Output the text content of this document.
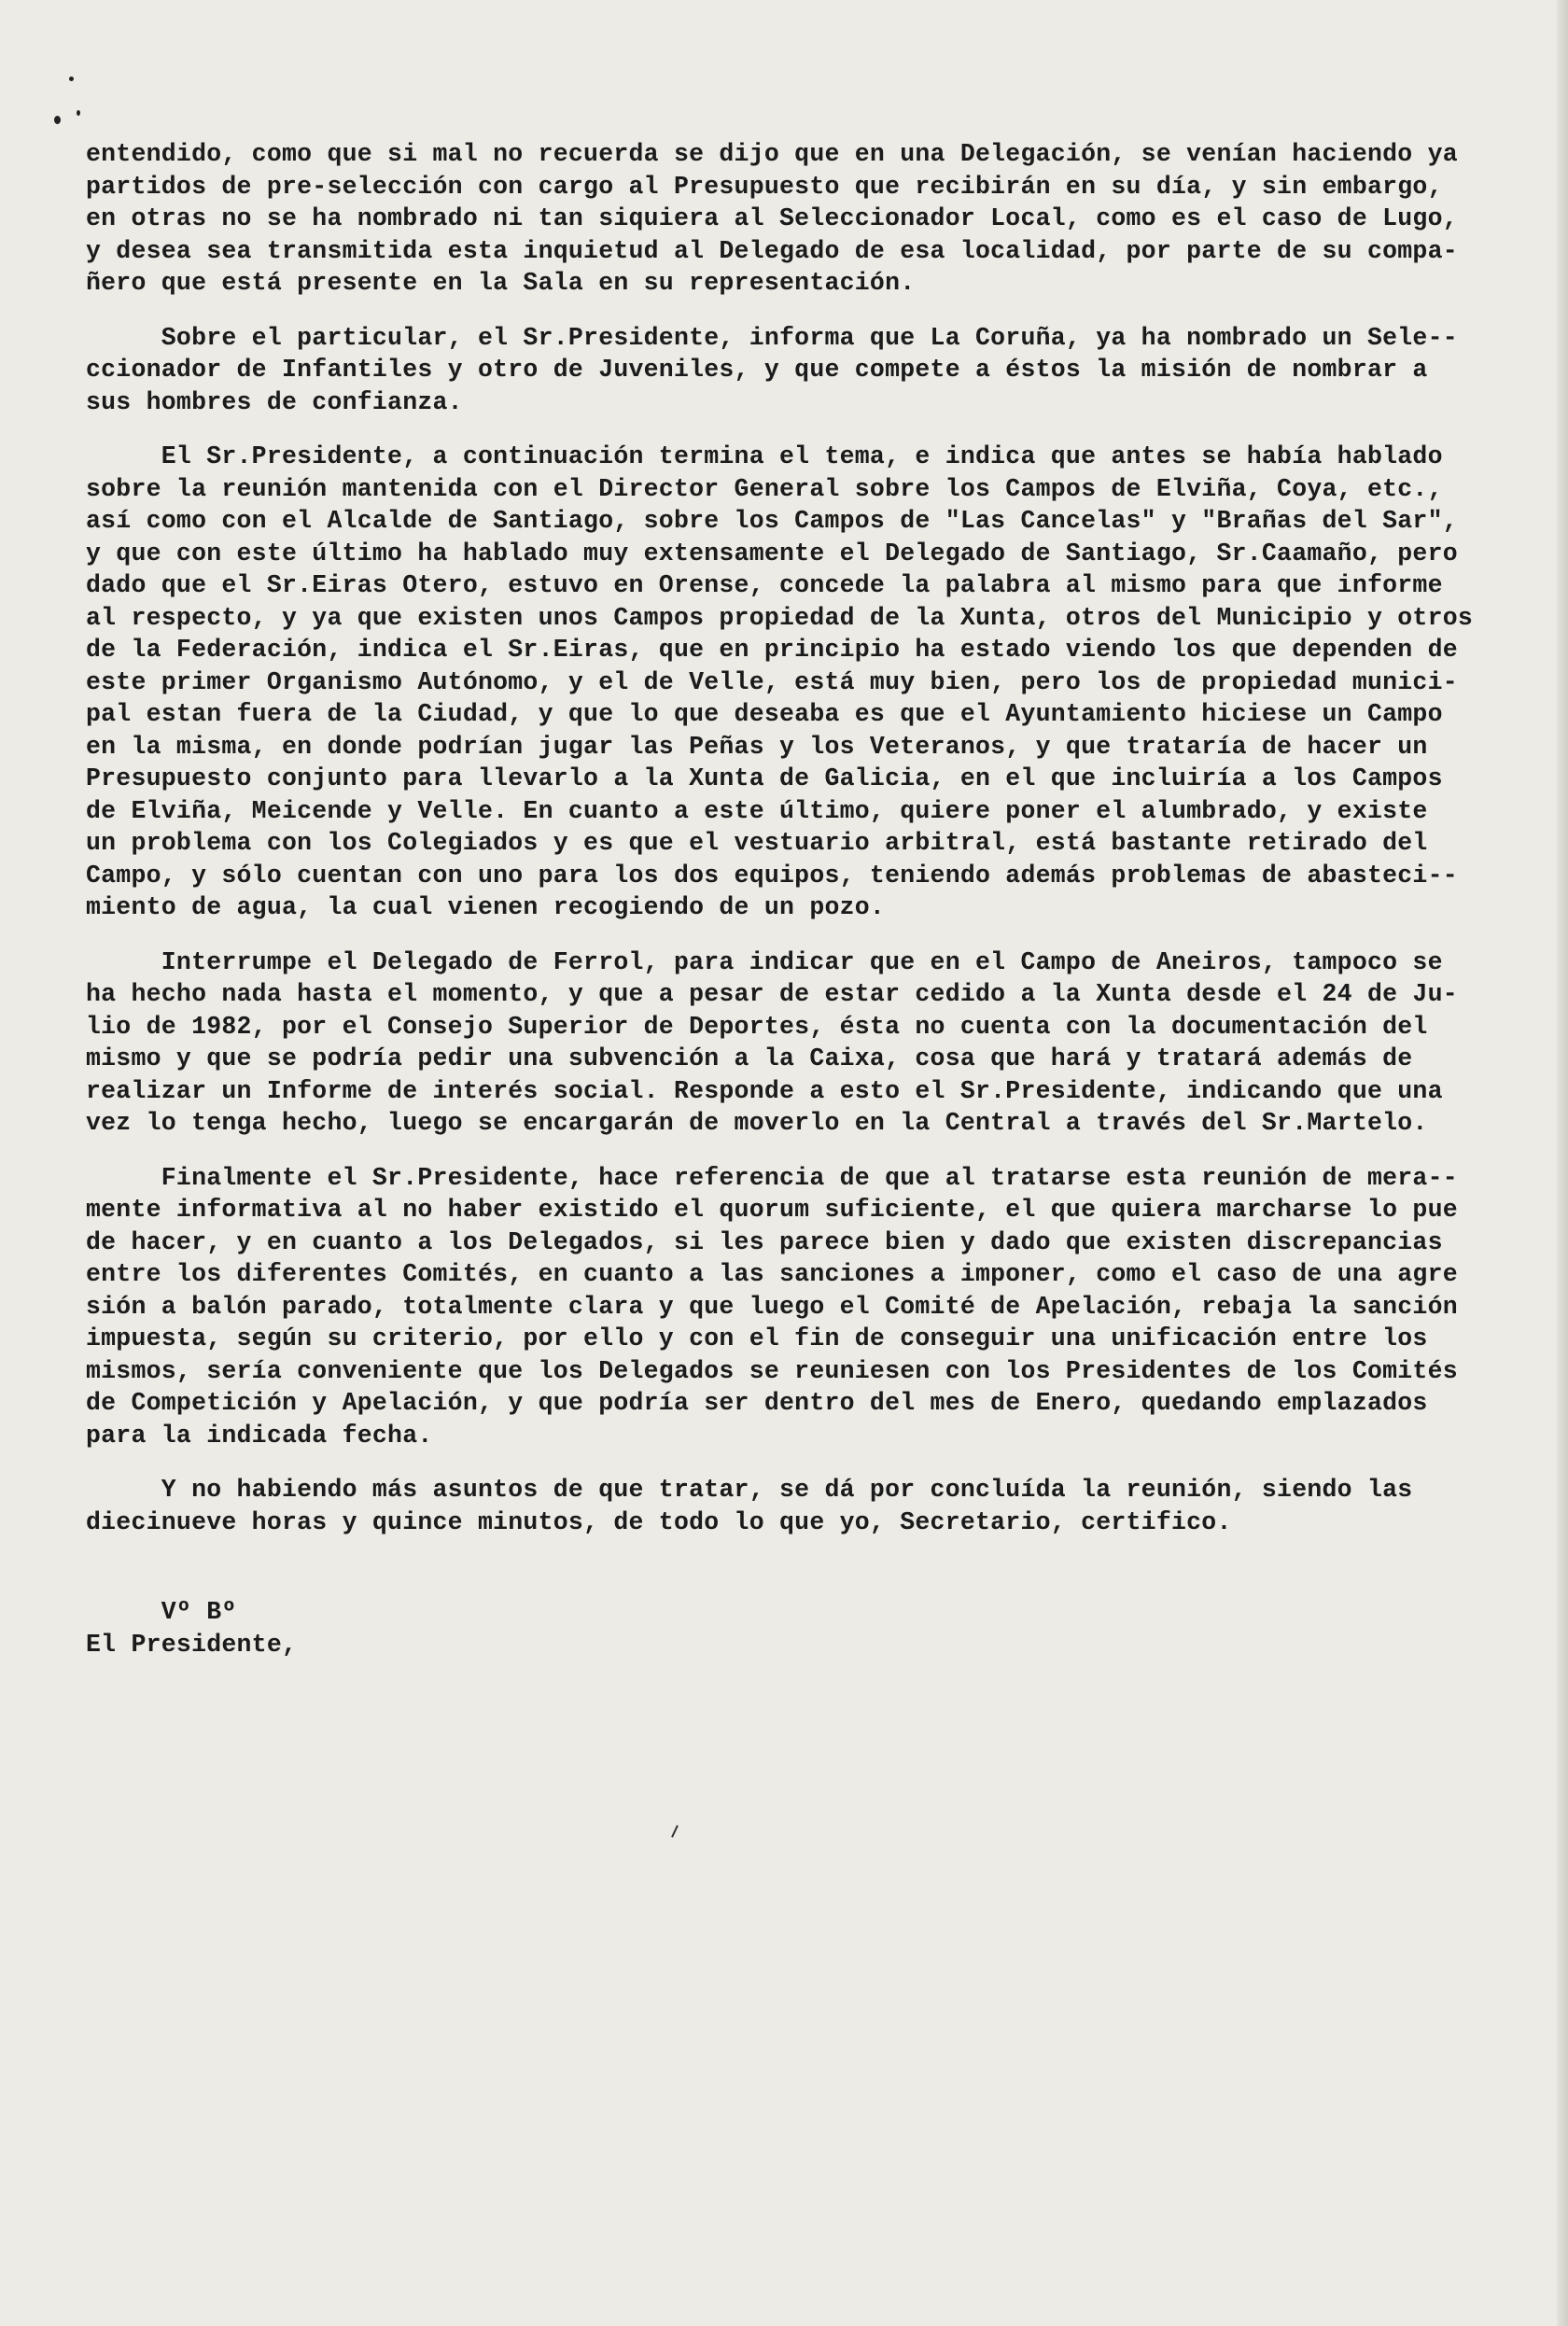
entendido, como que si mal no recuerda se dijo que en una Delegación, se venían haciendo ya
partidos de pre-selección con cargo al Presupuesto que recibirán en su día, y sin embargo,
en otras no se ha nombrado ni tan siquiera al Seleccionador Local, como es el caso de Lugo,
y desea sea transmitida esta inquietud al Delegado de esa localidad, por parte de su compa-
ñero que está presente en la Sala en su representación.
Sobre el particular, el Sr.Presidente, informa que La Coruña, ya ha nombrado un Sele--
ccionador de Infantiles y otro de Juveniles, y que compete a éstos la misión de nombrar a
sus hombres de confianza.
El Sr.Presidente, a continuación termina el tema, e indica que antes se había hablado
sobre la reunión mantenida con el Director General sobre los Campos de Elviña, Coya, etc.,
así como con el Alcalde de Santiago, sobre los Campos de "Las Cancelas" y "Brañas del Sar",
y que con este último ha hablado muy extensamente el Delegado de Santiago, Sr.Caamaño, pero
dado que el Sr.Eiras Otero, estuvo en Orense, concede la palabra al mismo para que informe
al respecto, y ya que existen unos Campos propiedad de la Xunta, otros del Municipio y otros
de la Federación, indica el Sr.Eiras, que en principio ha estado viendo los que dependen de
este primer Organismo Autónomo, y el de Velle, está muy bien, pero los de propiedad munici-
pal estan fuera de la Ciudad, y que lo que deseaba es que el Ayuntamiento hiciese un Campo
en la misma, en donde podrían jugar las Peñas y los Veteranos, y que trataría de hacer un
Presupuesto conjunto para llevarlo a la Xunta de Galicia, en el que incluiría a los Campos
de Elviña, Meicende y Velle. En cuanto a este último, quiere poner el alumbrado, y existe
un problema con los Colegiados y es que el vestuario arbitral, está bastante retirado del
Campo, y sólo cuentan con uno para los dos equipos, teniendo además problemas de abasteci--
miento de agua, la cual vienen recogiendo de un pozo.
Interrumpe el Delegado de Ferrol, para indicar que en el Campo de Aneiros, tampoco se
ha hecho nada hasta el momento, y que a pesar de estar cedido a la Xunta desde el 24 de Ju-
lio de 1982, por el Consejo Superior de Deportes, ésta no cuenta con la documentación del
mismo y que se podría pedir una subvención a la Caixa, cosa que hará y tratará además de
realizar un Informe de interés social. Responde a esto el Sr.Presidente, indicando que una
vez lo tenga hecho, luego se encargarán de moverlo en la Central a través del Sr.Martelo.
Finalmente el Sr.Presidente, hace referencia de que al tratarse esta reunión de mera--
mente informativa al no haber existido el quorum suficiente, el que quiera marcharse lo pue
de hacer, y en cuanto a los Delegados, si les parece bien y dado que existen discrepancias
entre los diferentes Comités, en cuanto a las sanciones a imponer, como el caso de una agre
sión a balón parado, totalmente clara y que luego el Comité de Apelación, rebaja la sanción
impuesta, según su criterio, por ello y con el fin de conseguir una unificación entre los
mismos, sería conveniente que los Delegados se reuniesen con los Presidentes de los Comités
de Competición y Apelación, y que podría ser dentro del mes de Enero, quedando emplazados
para la indicada fecha.
Y no habiendo más asuntos de que tratar, se dá por concluída la reunión, siendo las
diecinueve horas y quince minutos, de todo lo que yo, Secretario, certifico.
Vº Bº
El Presidente,
